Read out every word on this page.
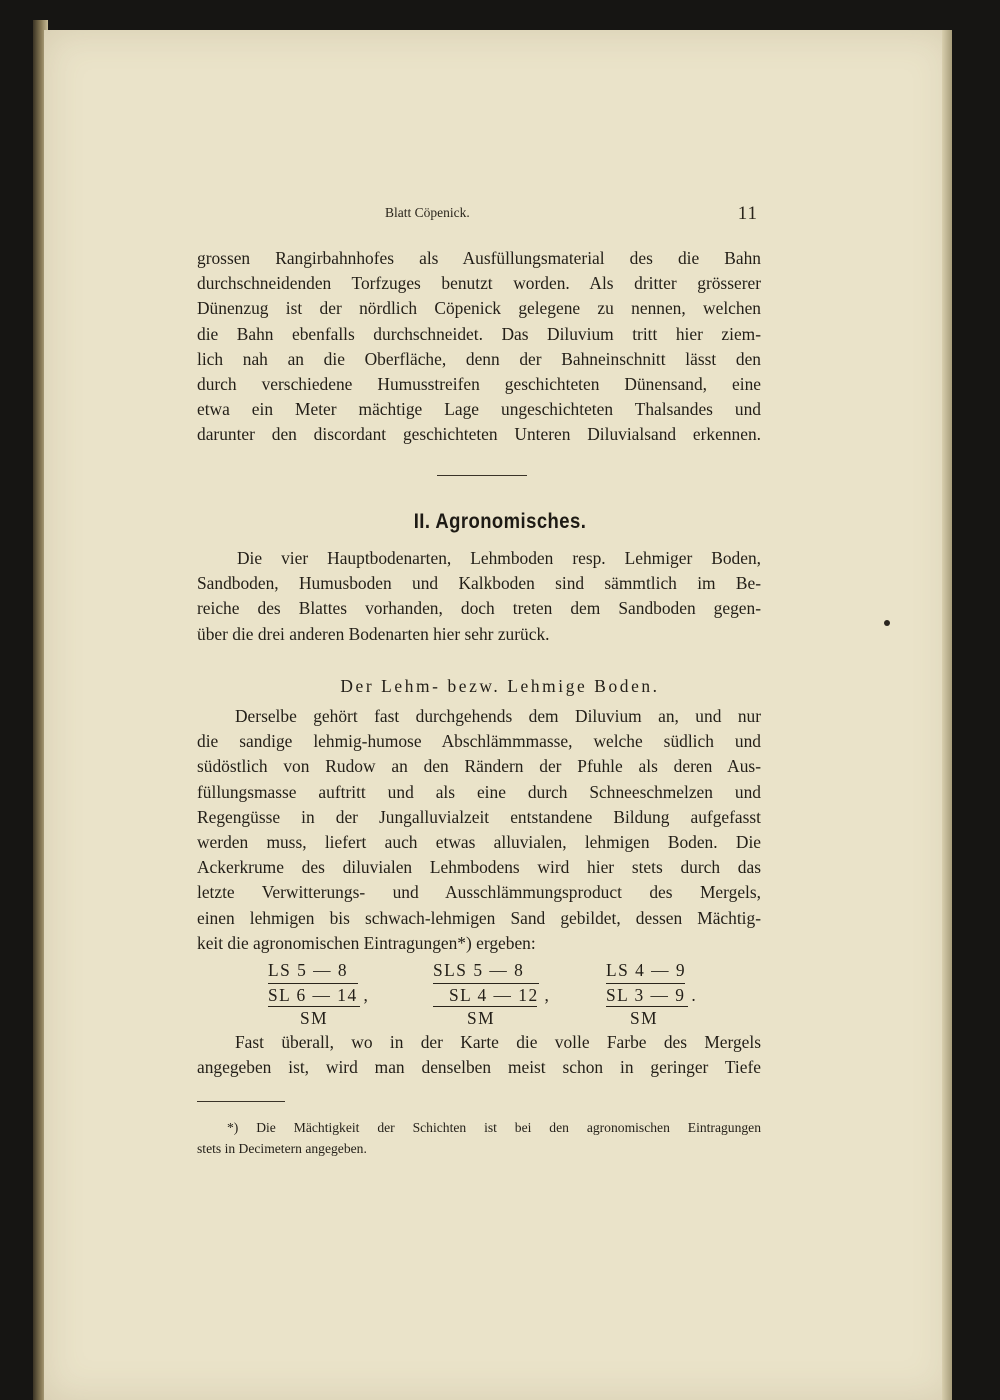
Blatt Cöpenick.	11
grossen Rangirbahnhofes als Ausfüllungsmaterial des die Bahn
durchschneidenden Torfzuges benutzt worden. Als dritter grösserer
Dünenzug ist der nördlich Cöpenick gelegene zu nennen, welchen
die Bahn ebenfalls durchschneidet. Das Diluvium tritt hier ziem-
lich nah an die Oberfläche, denn der Bahneinschnitt lässt den
durch verschiedene Humusstreifen geschichteten Dünensand, eine
etwa ein Meter mächtige Lage ungeschichteten Thalsandes und
darunter den discordant geschichteten Unteren Diluvialsand erkennen.
II. Agronomisches.
Die vier Hauptbodenarten, Lehmboden resp. Lehmiger Boden,
Sandboden, Humusboden und Kalkboden sind sämmtlich im Be-
reiche des Blattes vorhanden, doch treten dem Sandboden gegen-
über die drei anderen Bodenarten hier sehr zurück.
Der Lehm- bezw. Lehmige Boden.
Derselbe gehört fast durchgehends dem Diluvium an, und nur
die sandige lehmig-humose Abschlämmmasse, welche südlich und
südöstlich von Rudow an den Rändern der Pfuhle als deren Aus-
füllungsmasse auftritt und als eine durch Schneeschmelzen und
Regengüsse in der Jungalluvialzeit entstandene Bildung aufgefasst
werden muss, liefert auch etwas alluvialen, lehmigen Boden. Die
Ackerkrume des diluvialen Lehmbodens wird hier stets durch das
letzte Verwitterungs- und Ausschlämmungsproduct des Mergels,
einen lehmigen bis schwach-lehmigen Sand gebildet, dessen Mächtig-
keit die agronomischen Eintragungen*) ergeben:
LS 5 — 8
SL 6 — 14 ,
SM
SLS 5 — 8
SL 4 — 12 ,
SM
LS 4 — 9
SL 3 — 9 .
SM
Fast überall, wo in der Karte die volle Farbe des Mergels
angegeben ist, wird man denselben meist schon in geringer Tiefe
*) Die Mächtigkeit der Schichten ist bei den agronomischen Eintragungen
stets in Decimetern angegeben.
